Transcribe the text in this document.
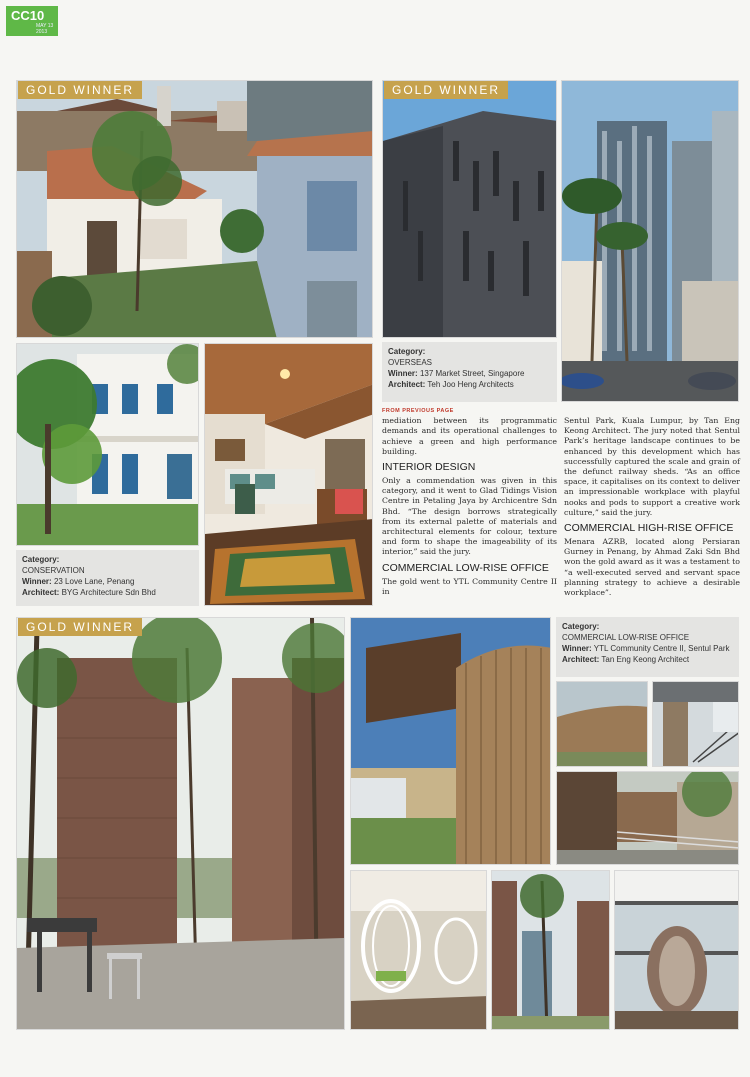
CC10
MAY 13
2013
GOLD WINNER
Category:
CONSERVATION
Winner: 23 Love Lane, Penang
Architect: BYG Architecture Sdn Bhd
GOLD WINNER
Category:
OVERSEAS
Winner: 137 Market Street, Singapore
Architect: Teh Joo Heng Architects
FROM PREVIOUS PAGE

mediation between its programmatic demands and its operational challenges to achieve a green and high performance building.

INTERIOR DESIGN

Only a commendation was given in this category, and it went to Glad Tidings Vision Centre in Petaling Jaya by Archicentre Sdn Bhd. “The design borrows strategically from its external palette of materials and architectural elements for colour, texture and form to shape the imageability of its interior,” said the jury.

COMMERCIAL LOW-RISE OFFICE

The gold went to YTL Community Centre II in

Sentul Park, Kuala Lumpur, by Tan Eng Keong Architect. The jury noted that Sentul Park’s heritage landscape continues to be enhanced by this development which has successfully captured the scale and grain of the defunct railway sheds. “As an office space, it capitalises on its context to deliver an impressionable workplace with playful nooks and pods to support a creative work culture,” said the jury.

COMMERCIAL HIGH-RISE OFFICE

Menara AZRB, located along Persiaran Gurney in Penang, by Ahmad Zaki Sdn Bhd won the gold award as it was a testament to “a well-executed served and servant space planning strategy to achieve a desirable workplace”.

GOLD WINNER	Category:
COMMERCIAL LOW-RISE OFFICE
Winner: YTL Community Centre II, Sentul Park
Architect: Tan Eng Keong Architect
